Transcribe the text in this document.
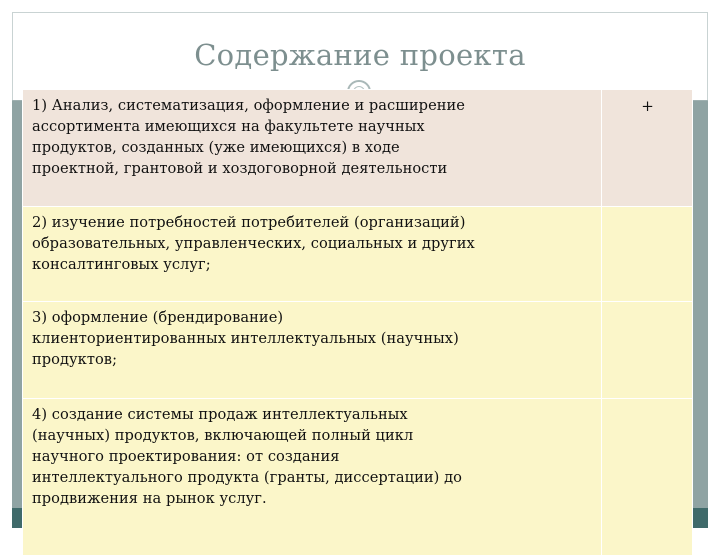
Содержание проекта
1) Анализ, систематизация, оформление и расширение
ассортимента имеющихся на факультете научных
продуктов, созданных (уже имеющихся) в ходе
проектной, грантовой и хоздоговорной деятельности	+

2) изучение потребностей потребителей (организаций)
образовательных, управленческих, социальных и других
консалтинговых услуг;	

3) оформление (брендирование)
клиенториентированных интеллектуальных (научных)
продуктов;	

4) создание системы продаж интеллектуальных
(научных) продуктов, включающей полный цикл
научного проектирования: от создания
интеллектуального продукта (гранты, диссертации) до
продвижения на рынок услуг.	
